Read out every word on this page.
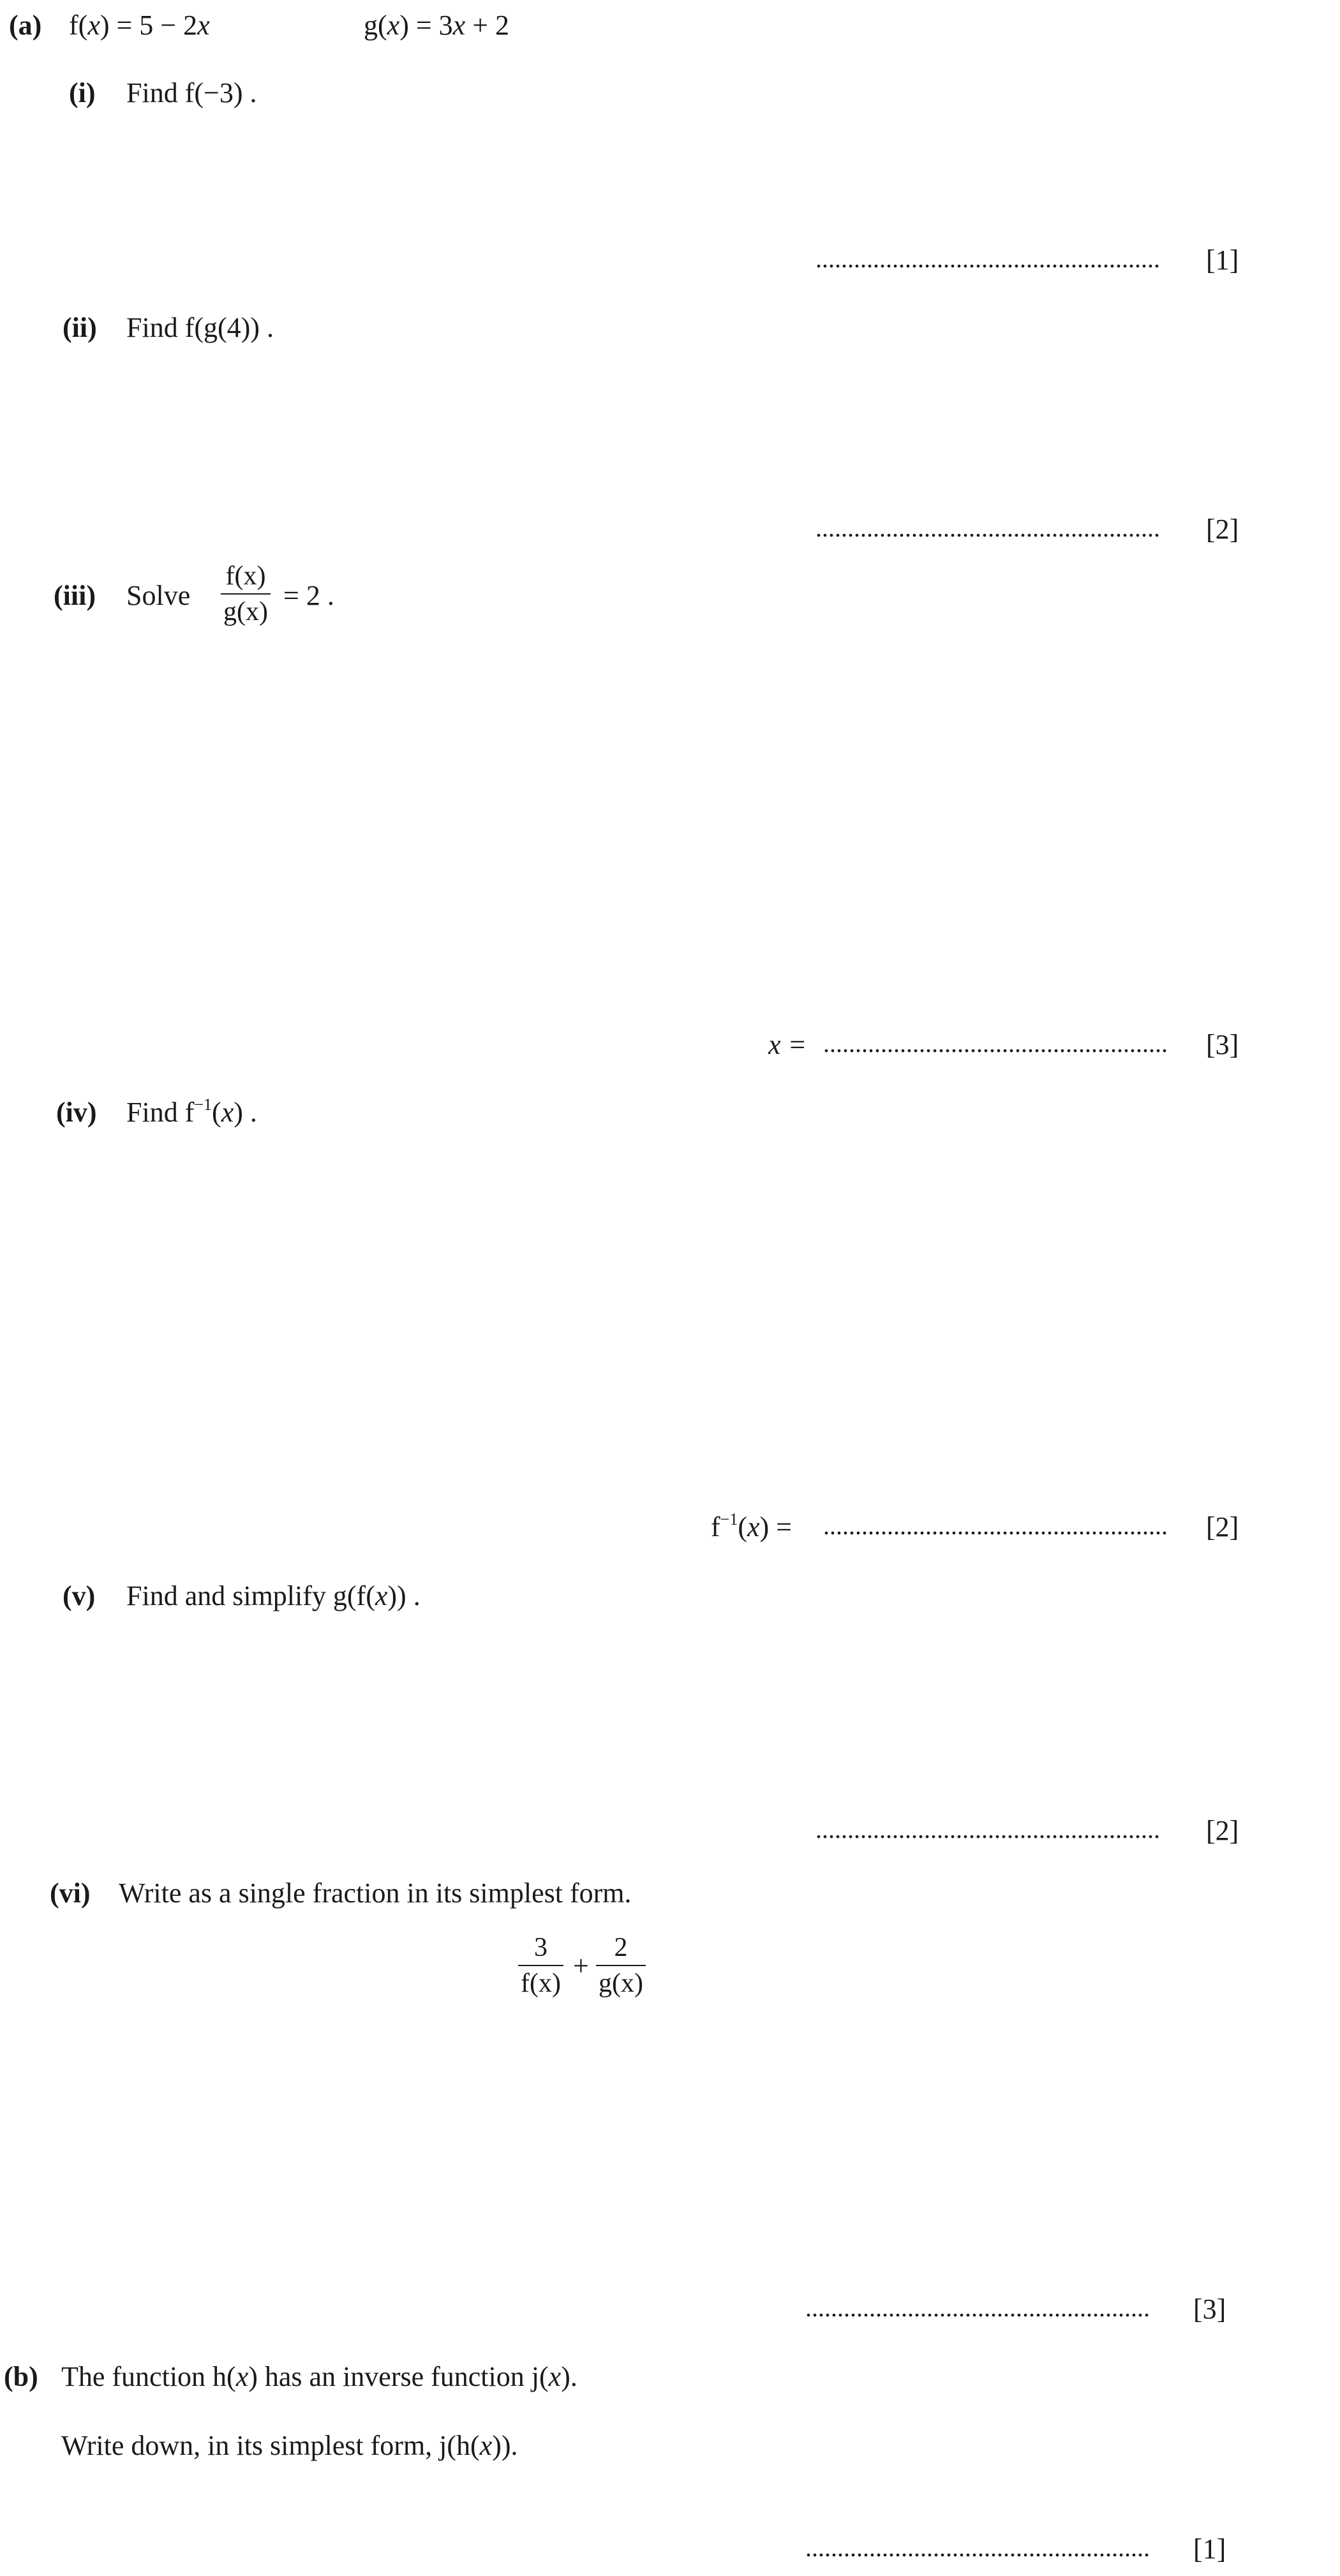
(a) f(x) = 5 − 2x	g(x) = 3x + 2
(i) Find f(−3) .
...................................................... [1]
(ii) Find f(g(4)) .
...................................................... [2]
(iii) Solve
f(x)
g(x)
= 2 .
x = ...................................................... [3]
(iv) Find $f^{-1}(x)$ .
$f^{-1}(x)$ = ...................................................... [2]
(v) Find and simplify g(f(x)) .
...................................................... [2]
(vi) Write as a single fraction in its simplest form.
3
f(x)
+
2
g(x)
...................................................... [3]
(b) The function h(x) has an inverse function j(x).
Write down, in its simplest form, j(h(x)).
...................................................... [1]
